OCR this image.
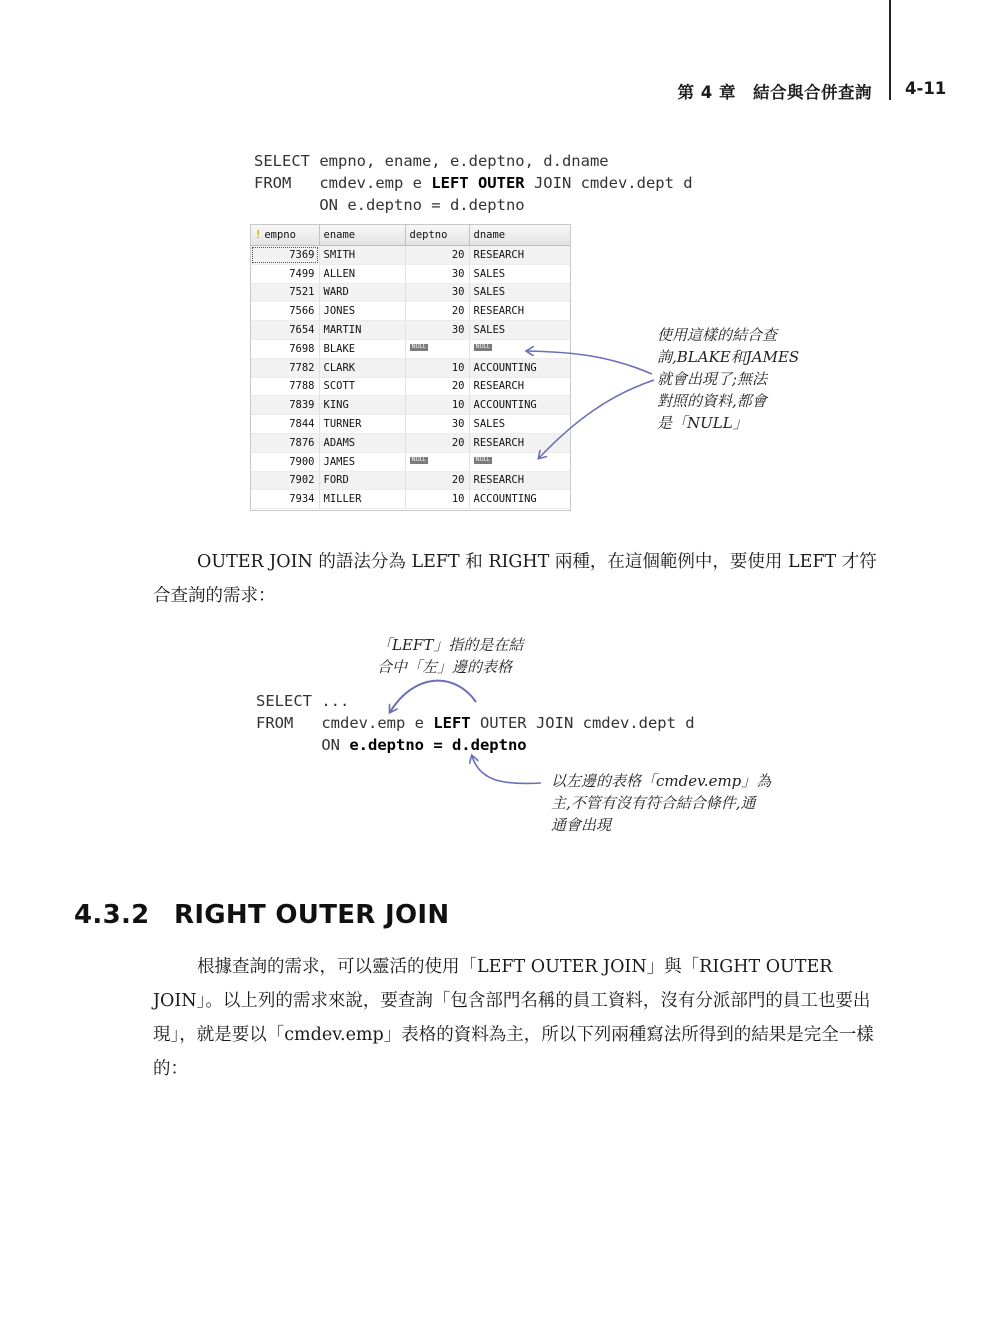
第 4 章　結合與合併查詢 4-11
SELECT empno, ename, e.deptno, d.dname
FROM   cmdev.emp e LEFT OUTER JOIN cmdev.dept d
ON e.deptno = d.deptno
! empno	ename	deptno	dname
7369	SMITH	20	RESEARCH
7499	ALLEN	30	SALES
7521	WARD	30	SALES
7566	JONES	20	RESEARCH
7654	MARTIN	30	SALES
7698	BLAKE	NULL	NULL
7782	CLARK	10	ACCOUNTING
7788	SCOTT	20	RESEARCH
7839	KING	10	ACCOUNTING
7844	TURNER	30	SALES
7876	ADAMS	20	RESEARCH
7900	JAMES	NULL	NULL
7902	FORD	20	RESEARCH
7934	MILLER	10	ACCOUNTING
使用這樣的結合查
詢,BLAKE和JAMES
就會出現了;無法
對照的資料,都會
是「NULL」

OUTER JOIN 的語法分為 LEFT 和 RIGHT 兩種，在這個範例中，要使用 LEFT 才符合查詢的需求：

「LEFT」指的是在結
合中「左」邊的表格
SELECT ...
FROM   cmdev.emp e LEFT OUTER JOIN cmdev.dept d
ON e.deptno = d.deptno
以左邊的表格「cmdev.emp」為
主,不管有沒有符合結合條件,通
通會出現
4.3.2 RIGHT OUTER JOIN

根據查詢的需求，可以靈活的使用「LEFT OUTER JOIN」與「RIGHT OUTER JOIN」。以上列的需求來說，要查詢「包含部門名稱的員工資料，沒有分派部門的員工也要出現」，就是要以「cmdev.emp」表格的資料為主，所以下列兩種寫法所得到的結果是完全一樣的：
